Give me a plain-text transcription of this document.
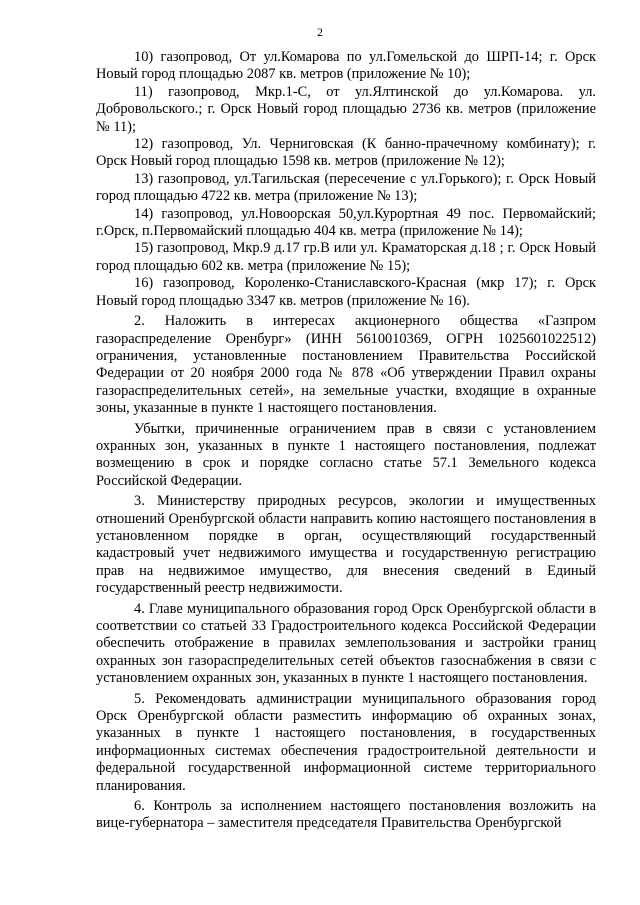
2

10) газопровод, От ул.Комарова по ул.Гомельской до ШРП-14; г. Орск Новый город площадью 2087 кв. метров (приложение № 10);

11) газопровод, Мкр.1-С, от ул.Ялтинской до ул.Комарова. ул. Добровольского.; г. Орск Новый город площадью 2736 кв. метров (приложение № 11);

12) газопровод, Ул. Черниговская (К банно-прачечному комбинату); г. Орск Новый город площадью 1598 кв. метров (приложение № 12);

13) газопровод, ул.Тагильская (пересечение с ул.Горького); г. Орск Новый город площадью 4722 кв. метра (приложение № 13);

14) газопровод, ул.Новоорская 50,ул.Курортная 49 пос. Первомайский; г.Орск, п.Первомайский площадью 404 кв. метра (приложение № 14);

15) газопровод, Мкр.9 д.17 гр.В или ул. Краматорская д.18 ; г. Орск Новый город площадью 602 кв. метра (приложение № 15);

16) газопровод, Короленко-Станиславского-Красная (мкр 17); г. Орск Новый город площадью 3347 кв. метров (приложение № 16).

2. Наложить в интересах акционерного общества «Газпром газораспределение Оренбург» (ИНН 5610010369, ОГРН 1025601022512) ограничения, установленные постановлением Правительства Российской Федерации от 20 ноября 2000 года № 878 «Об утверждении Правил охраны газораспределительных сетей», на земельные участки, входящие в охранные зоны, указанные в пункте 1 настоящего постановления.

Убытки, причиненные ограничением прав в связи с установлением охранных зон, указанных в пункте 1 настоящего постановления, подлежат возмещению в срок и порядке согласно статье 57.1 Земельного кодекса Российской Федерации.

3. Министерству природных ресурсов, экологии и имущественных отношений Оренбургской области направить копию настоящего постановления в установленном порядке в орган, осуществляющий государственный кадастровый учет недвижимого имущества и государственную регистрацию прав на недвижимое имущество, для внесения сведений в Единый государственный реестр недвижимости.

4. Главе муниципального образования город Орск Оренбургской области в соответствии со статьей 33 Градостроительного кодекса Российской Федерации обеспечить отображение в правилах землепользования и застройки границ охранных зон газораспределительных сетей объектов газоснабжения в связи с установлением охранных зон, указанных в пункте 1 настоящего постановления.

5. Рекомендовать администрации муниципального образования город Орск Оренбургской области разместить информацию об охранных зонах, указанных в пункте 1 настоящего постановления, в государственных информационных системах обеспечения градостроительной деятельности и федеральной государственной информационной системе территориального планирования.

6. Контроль за исполнением настоящего постановления возложить на вице-губернатора – заместителя председателя Правительства Оренбургской
